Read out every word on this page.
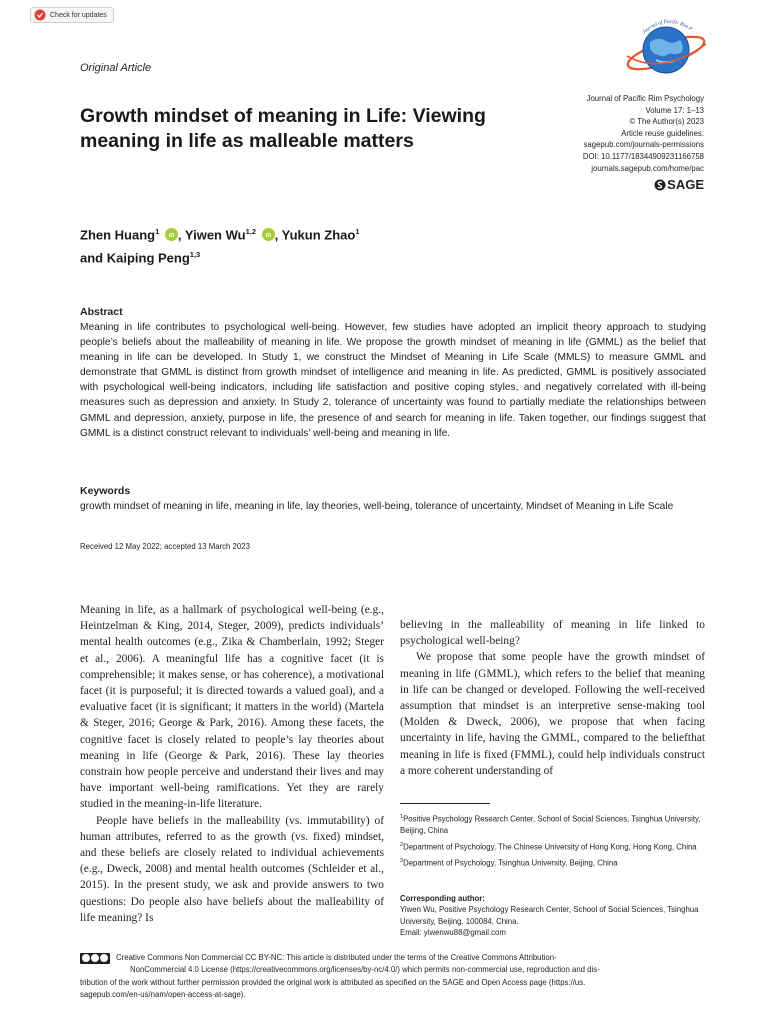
Check for updates
Journal of Pacific Rim P
Original Article
Growth mindset of meaning in Life: Viewing meaning in life as malleable matters
Journal of Pacific Rim Psychology
Volume 17: 1–13
© The Author(s) 2023
Article reuse guidelines:
sagepub.com/journals-permissions
DOI: 10.1177/18344909231166758
journals.sagepub.com/home/pac
SAGE
Zhen Huang$^1$
iD , Yiwen Wu$^{1,2}$
iD , Yukun Zhao$^1$
and Kaiping Peng$^{1,3}$
Abstract
Meaning in life contributes to psychological well-being. However, few studies have adopted an implicit theory approach to studying people’s beliefs about the malleability of meaning in life. We propose the growth mindset of meaning in life (GMML) as the belief that meaning in life can be developed. In Study 1, we construct the Mindset of Meaning in Life Scale (MMLS) to measure GMML and demonstrate that GMML is distinct from growth mindset of intelligence and meaning in life. As predicted, GMML is positively associated with psychological well-being indicators, including life satisfaction and positive coping styles, and negatively correlated with ill-being measures such as depression and anxiety. In Study 2, tolerance of uncertainty was found to partially mediate the relationships between GMML and depression, anxiety, purpose in life, the presence of and search for meaning in life. Taken together, our findings suggest that GMML is a distinct construct relevant to individuals’ well-being and meaning in life.
Keywords
growth mindset of meaning in life, meaning in life, lay theories, well-being, tolerance of uncertainty, Mindset of Meaning in Life Scale
Received 12 May 2022; accepted 13 March 2023

Meaning in life, as a hallmark of psychological well-being (e.g., Heintzelman & King, 2014, Steger, 2009), predicts individuals’ mental health outcomes (e.g., Zika & Chamberlain, 1992; Steger et al., 2006). A meaningful life has a cognitive facet (it is comprehensible; it makes sense, or has coherence), a motivational facet (it is purposeful; it is directed towards a valued goal), and a evaluative facet (it is significant; it matters in the world) (Martela & Steger, 2016; George & Park, 2016). Among these facets, the cognitive facet is closely related to people’s lay theories about meaning in life (George & Park, 2016). These lay theories constrain how people perceive and understand their lives and may have important well-being ramifications. Yet they are rarely studied in the meaning-in-life literature.

People have beliefs in the malleability (vs. immutability) of human attributes, referred to as the growth (vs. fixed) mindset, and these beliefs are closely related to individual achievements (e.g., Dweck, 2008) and mental health outcomes (Schleider et al., 2015). In the present study, we ask and provide answers to two questions: Do people also have beliefs about the malleability of life meaning? Is

believing in the malleability of meaning in life linked to psychological well-being?

We propose that some people have the growth mindset of meaning in life (GMML), which refers to the belief that meaning in life can be changed or developed. Following the well-received assumption that mindset is an interpretive sense-making tool (Molden & Dweck, 2006), we propose that when facing uncertainty in life, having the GMML, compared to the beliefthat meaning in life is fixed (FMML), could help individuals construct a more coherent understanding of

$^1$Positive Psychology Research Center, School of Social Sciences, Tsinghua University, Beijing, China

$^2$Department of Psychology, The Chinese University of Hong Kong, Hong Kong, China

$^3$Department of Psychology, Tsinghua University, Beijing, China

Corresponding author:
Yiwen Wu, Positive Psychology Research Center, School of Social Sciences, Tsinghua University, Beijing, 100084, China.
Email: yiwenwu88@gmail.com
Creative Commons Non Commercial CC BY-NC: This article is distributed under the terms of the Creative Commons Attribution-
NonCommercial 4.0 License (https://creativecommons.org/licenses/by-nc/4.0/) which permits non-commercial use, reproduction and dis-
tribution of the work without further permission provided the original work is attributed as specified on the SAGE and Open Access page (https://us.
sagepub.com/en-us/nam/open-access-at-sage).
